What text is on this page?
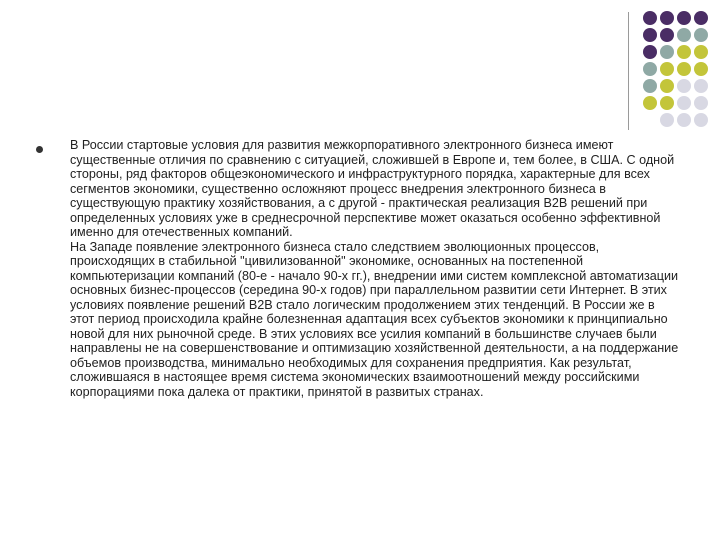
В России стартовые условия для развития межкорпоративного электронного бизнеса имеют существенные отличия по сравнению с ситуацией, сложившей в Европе и, тем более, в США. С одной стороны, ряд факторов общеэкономического и инфраструктурного порядка, характерные для всех сегментов экономики, существенно осложняют процесс внедрения электронного бизнеса в существующую практику хозяйствования, а с другой - практическая реализация B2B решений при определенных условиях уже в среднесрочной перспективе может оказаться особенно эффективной именно для отечественных компаний.

На Западе появление электронного бизнеса стало следствием эволюционных процессов, происходящих в стабильной "цивилизованной" экономике, основанных на постепенной компьютеризации компаний (80-е - начало 90-х гг.), внедрении ими систем комплексной автоматизации основных бизнес-процессов (середина 90-х годов) при параллельном развитии сети Интернет. В этих условиях появление решений B2B стало логическим продолжением этих тенденций. В России же в этот период происходила крайне болезненная адаптация всех субъектов экономики к принципиально новой для них рыночной среде. В этих условиях все усилия компаний в большинстве случаев были направлены не на совершенствование и оптимизацию хозяйственной деятельности, а на поддержание объемов производства, минимально необходимых для сохранения предприятия. Как результат, сложившаяся в настоящее время система экономических взаимоотношений между российскими корпорациями пока далека от практики, принятой в развитых странах.
